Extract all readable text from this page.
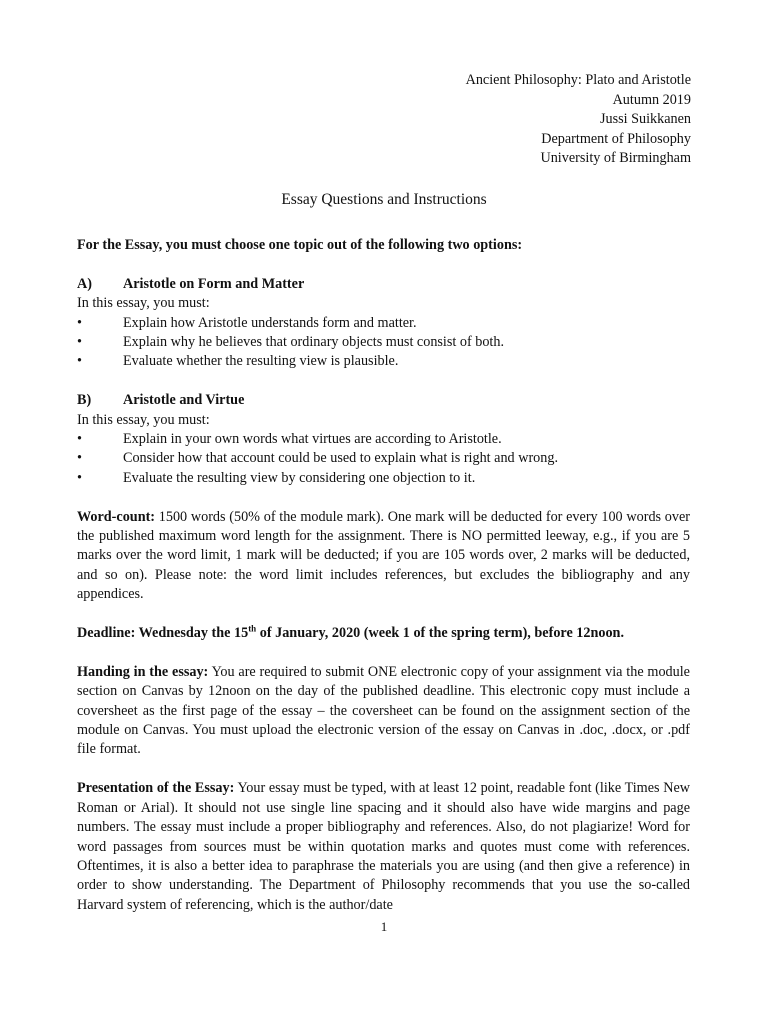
Ancient Philosophy: Plato and Aristotle
Autumn 2019
Jussi Suikkanen
Department of Philosophy
University of Birmingham
Essay Questions and Instructions

For the Essay, you must choose one topic out of the following two options:

A) Aristotle on Form and Matter
In this essay, you must:
•	Explain how Aristotle understands form and matter.
•	Explain why he believes that ordinary objects must consist of both.
•	Evaluate whether the resulting view is plausible.
B) Aristotle and Virtue
In this essay, you must:
•	Explain in your own words what virtues are according to Aristotle.
•	Consider how that account could be used to explain what is right and wrong.
•	Evaluate the resulting view by considering one objection to it.

Word-count: 1500 words (50% of the module mark). One mark will be deducted for every 100 words over the published maximum word length for the assignment. There is NO permitted leeway, e.g., if you are 5 marks over the word limit, 1 mark will be deducted; if you are 105 words over, 2 marks will be deducted, and so on). Please note: the word limit includes references, but excludes the bibliography and any appendices.

Deadline: Wednesday the 15th of January, 2020 (week 1 of the spring term), before 12noon.

Handing in the essay: You are required to submit ONE electronic copy of your assignment via the module section on Canvas by 12noon on the day of the published deadline. This electronic copy must include a coversheet as the first page of the essay – the coversheet can be found on the assignment section of the module on Canvas. You must upload the electronic version of the essay on Canvas in .doc, .docx, or .pdf file format.

Presentation of the Essay: Your essay must be typed, with at least 12 point, readable font (like Times New Roman or Arial). It should not use single line spacing and it should also have wide margins and page numbers. The essay must include a proper bibliography and references. Also, do not plagiarize! Word for word passages from sources must be within quotation marks and quotes must come with references. Oftentimes, it is also a better idea to paraphrase the materials you are using (and then give a reference) in order to show understanding. The Department of Philosophy recommends that you use the so-called Harvard system of referencing, which is the author/date

1
